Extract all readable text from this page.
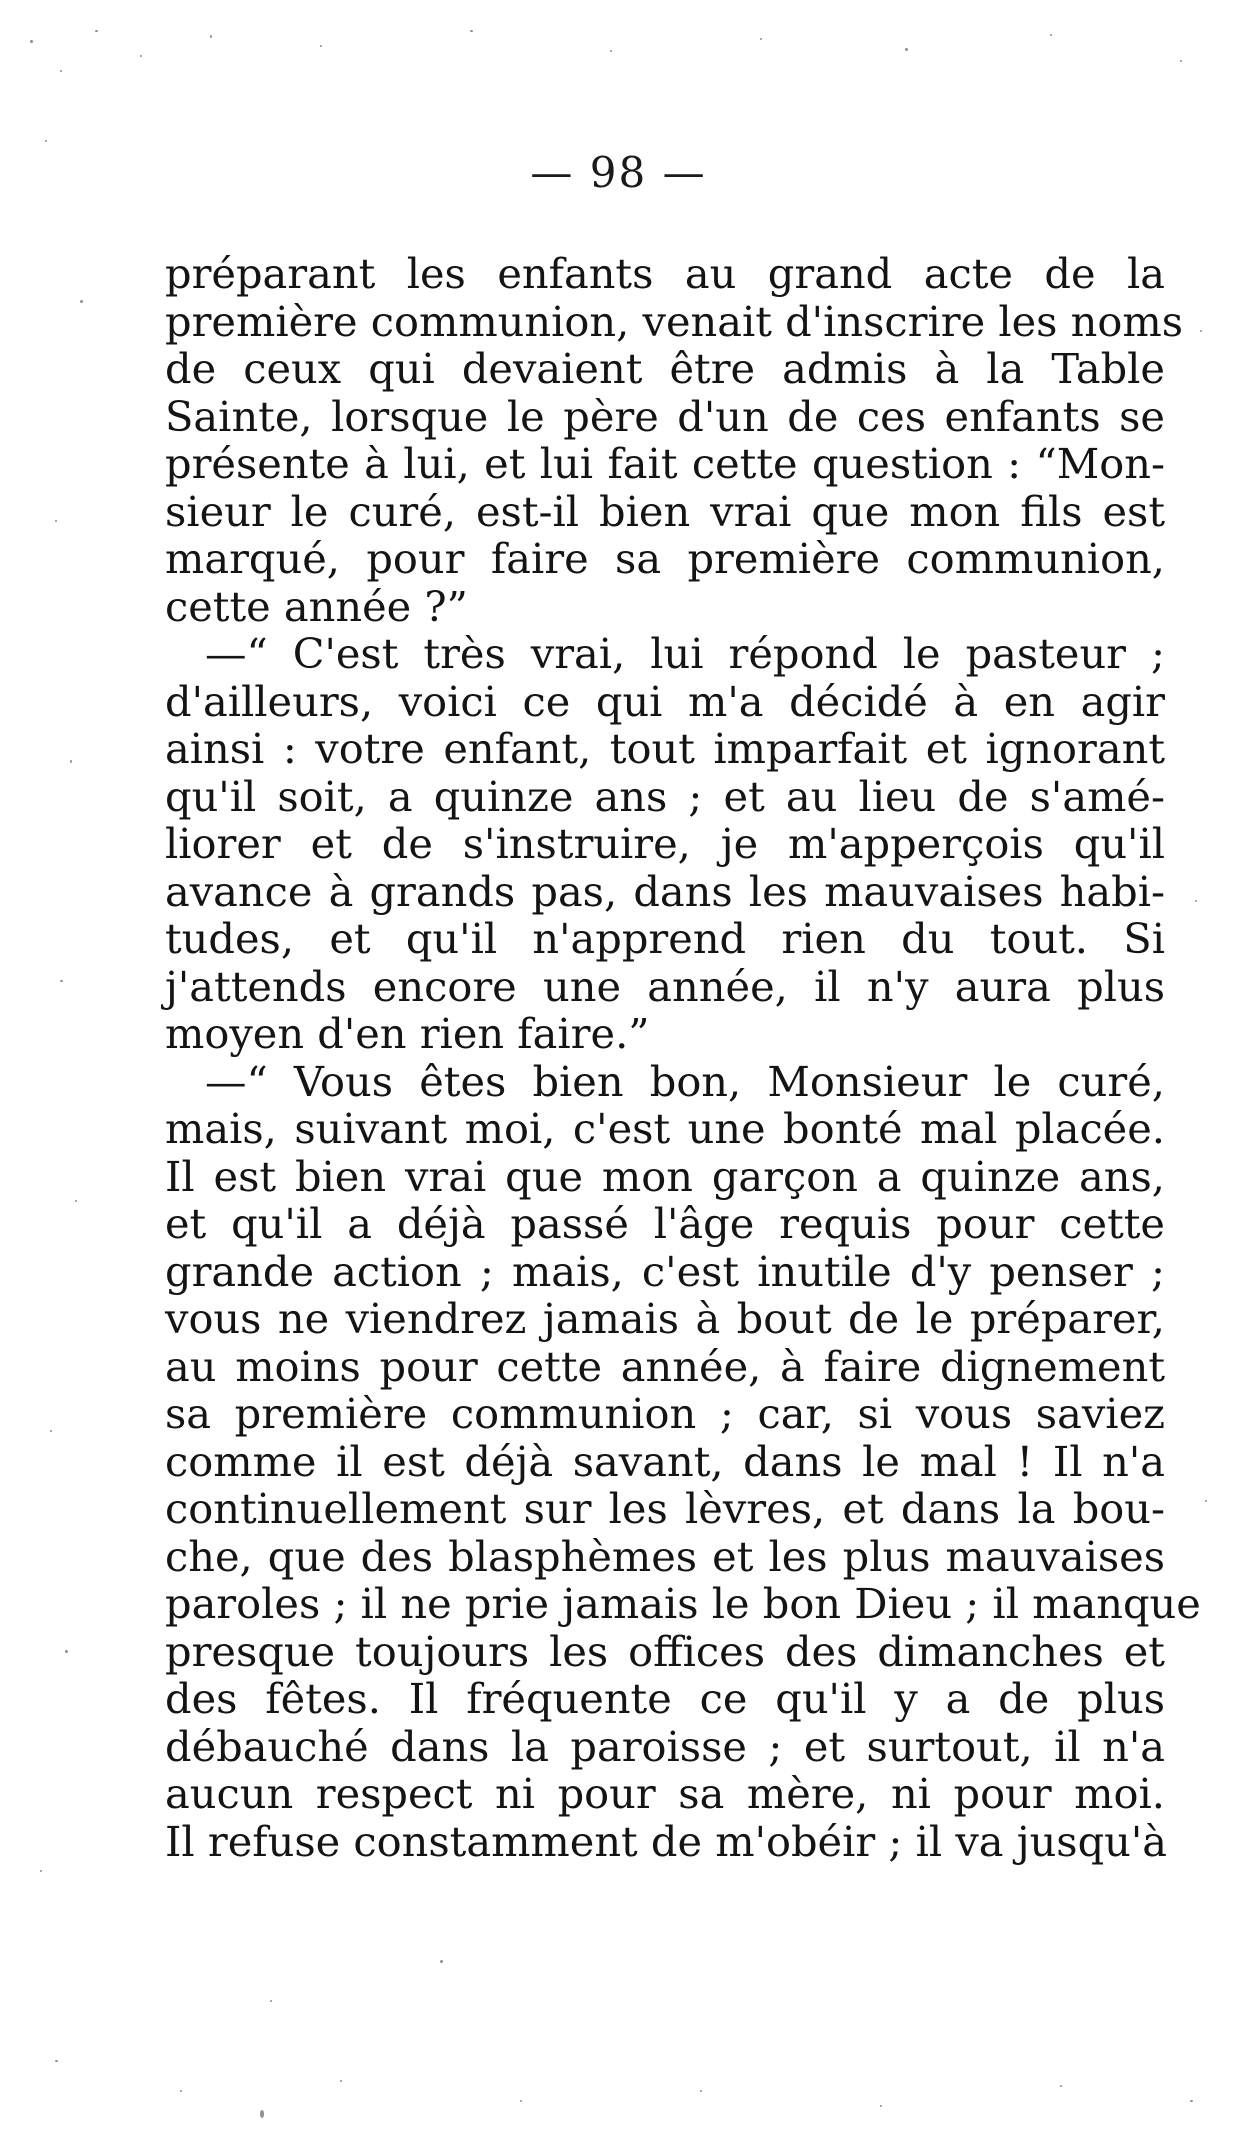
— 98 —
préparant les enfants au grand acte de la
première communion, venait d'inscrire les noms
de ceux qui devaient être admis à la Table
Sainte, lorsque le père d'un de ces enfants se
présente à lui, et lui fait cette question : “Mon-
sieur le curé, est-il bien vrai que mon fils est
marqué, pour faire sa première communion,
cette année ?”
—“ C'est très vrai, lui répond le pasteur ;
d'ailleurs, voici ce qui m'a décidé à en agir
ainsi : votre enfant, tout imparfait et ignorant
qu'il soit, a quinze ans ; et au lieu de s'amé-
liorer et de s'instruire, je m'apperçois qu'il
avance à grands pas, dans les mauvaises habi-
tudes, et qu'il n'apprend rien du tout. Si
j'attends encore une année, il n'y aura plus
moyen d'en rien faire.”
—“ Vous êtes bien bon, Monsieur le curé,
mais, suivant moi, c'est une bonté mal placée.
Il est bien vrai que mon garçon a quinze ans,
et qu'il a déjà passé l'âge requis pour cette
grande action ; mais, c'est inutile d'y penser ;
vous ne viendrez jamais à bout de le préparer,
au moins pour cette année, à faire dignement
sa première communion ; car, si vous saviez
comme il est déjà savant, dans le mal ! Il n'a
continuellement sur les lèvres, et dans la bou-
che, que des blasphèmes et les plus mauvaises
paroles ; il ne prie jamais le bon Dieu ; il manque
presque toujours les offices des dimanches et
des fêtes. Il fréquente ce qu'il y a de plus
débauché dans la paroisse ; et surtout, il n'a
aucun respect ni pour sa mère, ni pour moi.
Il refuse constamment de m'obéir ; il va jusqu'à
